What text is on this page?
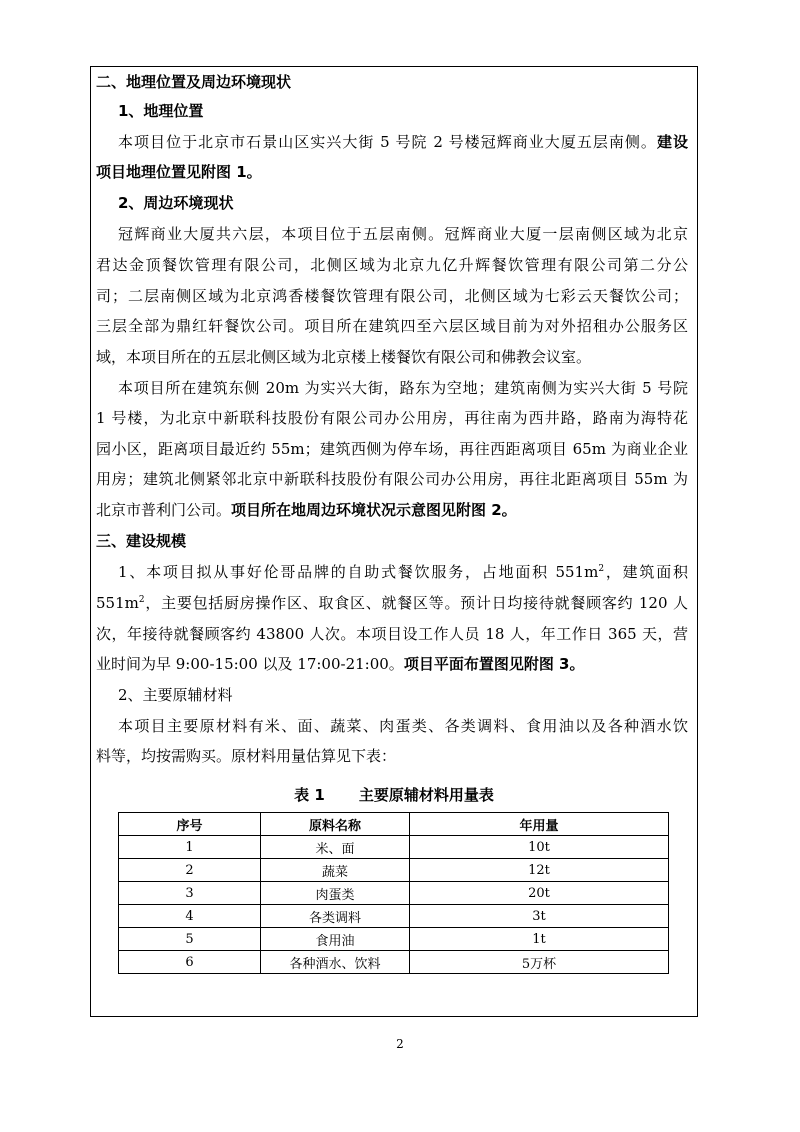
二、地理位置及周边环境现状
1、地理位置
本项目位于北京市石景山区实兴大街 5 号院 2 号楼冠辉商业大厦五层南侧。建设
项目地理位置见附图 1。
2、周边环境现状
冠辉商业大厦共六层，本项目位于五层南侧。冠辉商业大厦一层南侧区域为北京
君达金顶餐饮管理有限公司，北侧区域为北京九亿升辉餐饮管理有限公司第二分公
司；二层南侧区域为北京鸿香楼餐饮管理有限公司，北侧区域为七彩云天餐饮公司；
三层全部为鼎红轩餐饮公司。项目所在建筑四至六层区域目前为对外招租办公服务区
域，本项目所在的五层北侧区域为北京楼上楼餐饮有限公司和佛教会议室。
本项目所在建筑东侧 20m 为实兴大街，路东为空地；建筑南侧为实兴大街 5 号院
1 号楼，为北京中新联科技股份有限公司办公用房，再往南为西井路，路南为海特花
园小区，距离项目最近约 55m；建筑西侧为停车场，再往西距离项目 65m 为商业企业
用房；建筑北侧紧邻北京中新联科技股份有限公司办公用房，再往北距离项目 55m 为
北京市普利门公司。项目所在地周边环境状况示意图见附图 2。
三、建设规模
1、本项目拟从事好伦哥品牌的自助式餐饮服务，占地面积 $551m^2$，建筑面积
$551m^2$，主要包括厨房操作区、取食区、就餐区等。预计日均接待就餐顾客约 120 人
次，年接待就餐顾客约 43800 人次。本项目设工作人员 18 人，年工作日 365 天，营
业时间为早 9:00-15:00 以及 17:00-21:00。项目平面布置图见附图 3。
2、主要原辅材料
本项目主要原材料有米、面、蔬菜、肉蛋类、各类调料、食用油以及各种酒水饮
料等，均按需购买。原材料用量估算见下表：
表 1 主要原辅材料用量表
序号	原料名称	年用量
1	米、面	10t
2	蔬菜	12t
3	肉蛋类	20t
4	各类调料	3t
5	食用油	1t
6	各种酒水、饮料	5万杯
2
